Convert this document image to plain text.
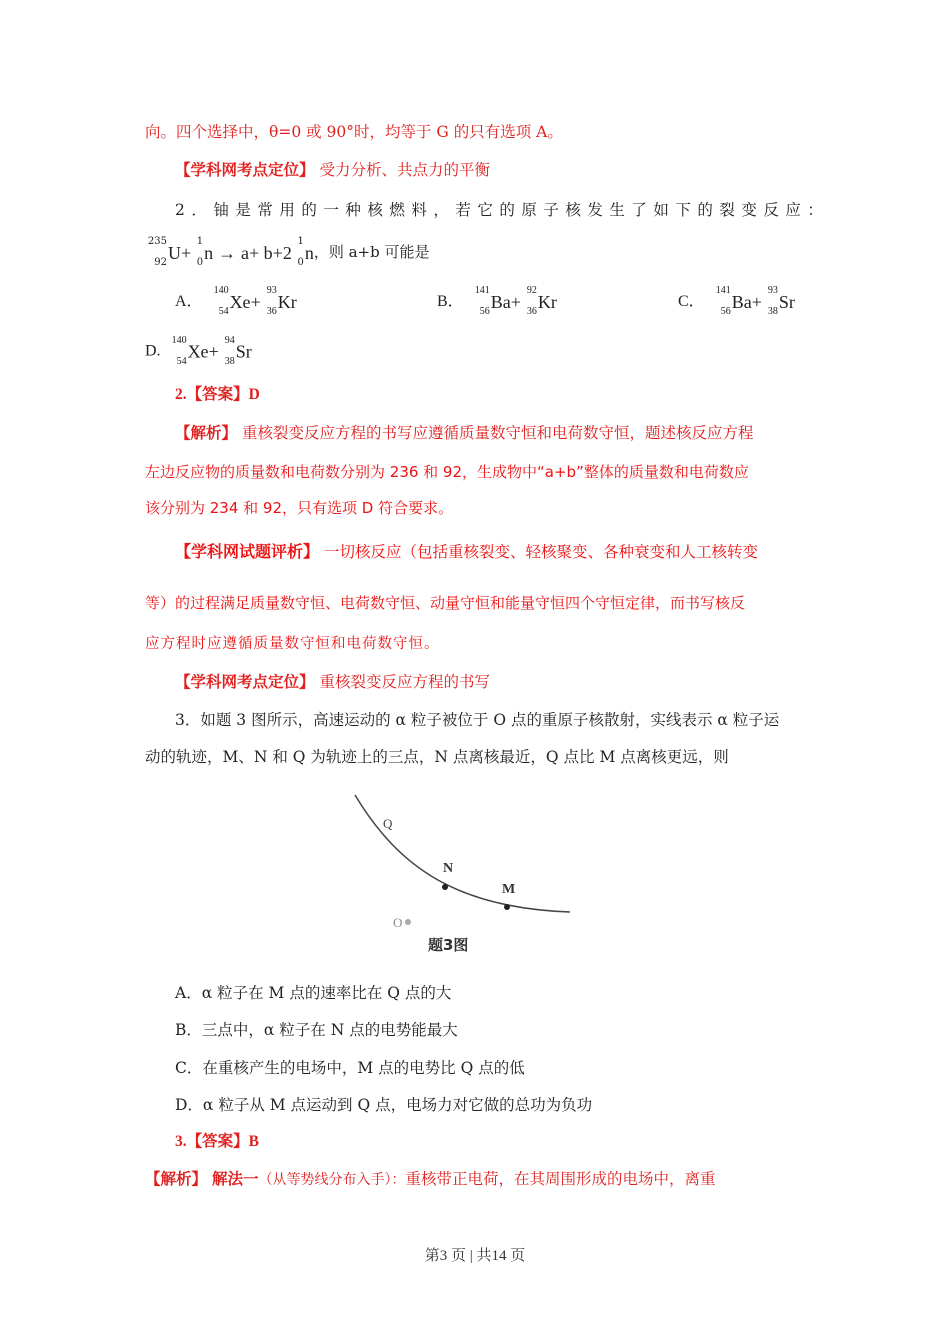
向。四个选择中，θ=0 或 90°时，均等于 G 的只有选项 A。
【学科网考点定位】 受力分析、共点力的平衡
2．铀是常用的一种核燃料，若它的原子核发生了如下的裂变反应：
235
92 U+
1
0 n → a+ b+2
1
0 n，则 a+b 可能是
A．
140
54 Xe+
93
36 Kr	B．
141
56 Ba+
92
36 Kr	C．
141
56 Ba+
93
38 Sr
D.
140
54 Xe+
94
38 Sr
2.【答案】D
【解析】 重核裂变反应方程的书写应遵循质量数守恒和电荷数守恒，题述核反应方程
左边反应物的质量数和电荷数分别为 236 和 92，生成物中“a+b”整体的质量数和电荷数应
该分别为 234 和 92，只有选项 D 符合要求。
【学科网试题评析】 一切核反应（包括重核裂变、轻核聚变、各种衰变和人工核转变
等）的过程满足质量数守恒、电荷数守恒、动量守恒和能量守恒四个守恒定律，而书写核反
应方程时应遵循质量数守恒和电荷数守恒。
【学科网考点定位】 重核裂变反应方程的书写
3．如题 3 图所示，高速运动的 α 粒子被位于 O 点的重原子核散射，实线表示 α 粒子运
动的轨迹，M、N 和 Q 为轨迹上的三点，N 点离核最近，Q 点比 M 点离核更远，则
Q
N
M
O
题3图
A．α 粒子在 M 点的速率比在 Q 点的大
B．三点中，α 粒子在 N 点的电势能最大
C．在重核产生的电场中，M 点的电势比 Q 点的低
D．α 粒子从 M 点运动到 Q 点，电场力对它做的总功为负功
3.【答案】B
【解析】 解法一（从等势线分布入手）：重核带正电荷，在其周围形成的电场中，离重
第3 页 | 共14 页
